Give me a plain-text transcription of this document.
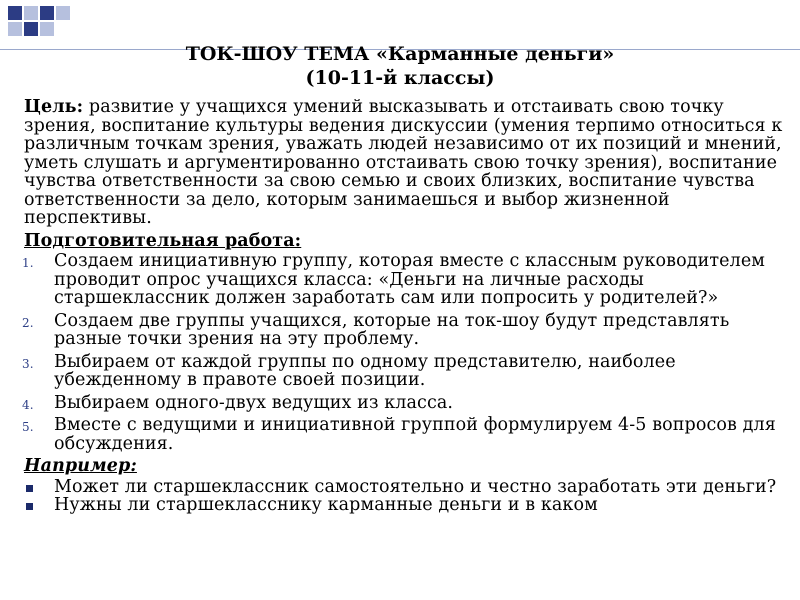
ТОК-ШОУ ТЕМА «Карманные деньги»
(10-11-й классы)

Цель: развитие у учащихся умений высказывать и отстаивать свою точку зрения, воспитание культуры ведения дискуссии (умения терпимо относиться к различным точкам зрения, уважать людей независимо от их позиций и мнений, уметь слушать и аргументированно отстаивать свою точку зрения), воспитание чувства ответственности за свою семью и своих близких, воспитание чувства ответственности за дело, которым занимаешься и выбор жизненной перспективы.

Подготовительная работа:
1. Создаем инициативную группу, которая вместе с классным руководителем проводит опрос учащихся класса: «Деньги на личные расходы старшеклассник должен заработать сам или попросить у родителей?»
2. Создаем две группы учащихся, которые на ток-шоу будут представлять разные точки зрения на эту проблему.
3. Выбираем от каждой группы по одному представителю, наиболее убежденному в правоте своей позиции.
4. Выбираем одного-двух ведущих из класса.
5. Вместе с ведущими и инициативной группой формулируем 4-5 вопросов для обсуждения.
Например:
Может ли старшеклассник самостоятельно и честно заработать эти деньги?
Нужны ли старшекласснику карманные деньги и в каком
